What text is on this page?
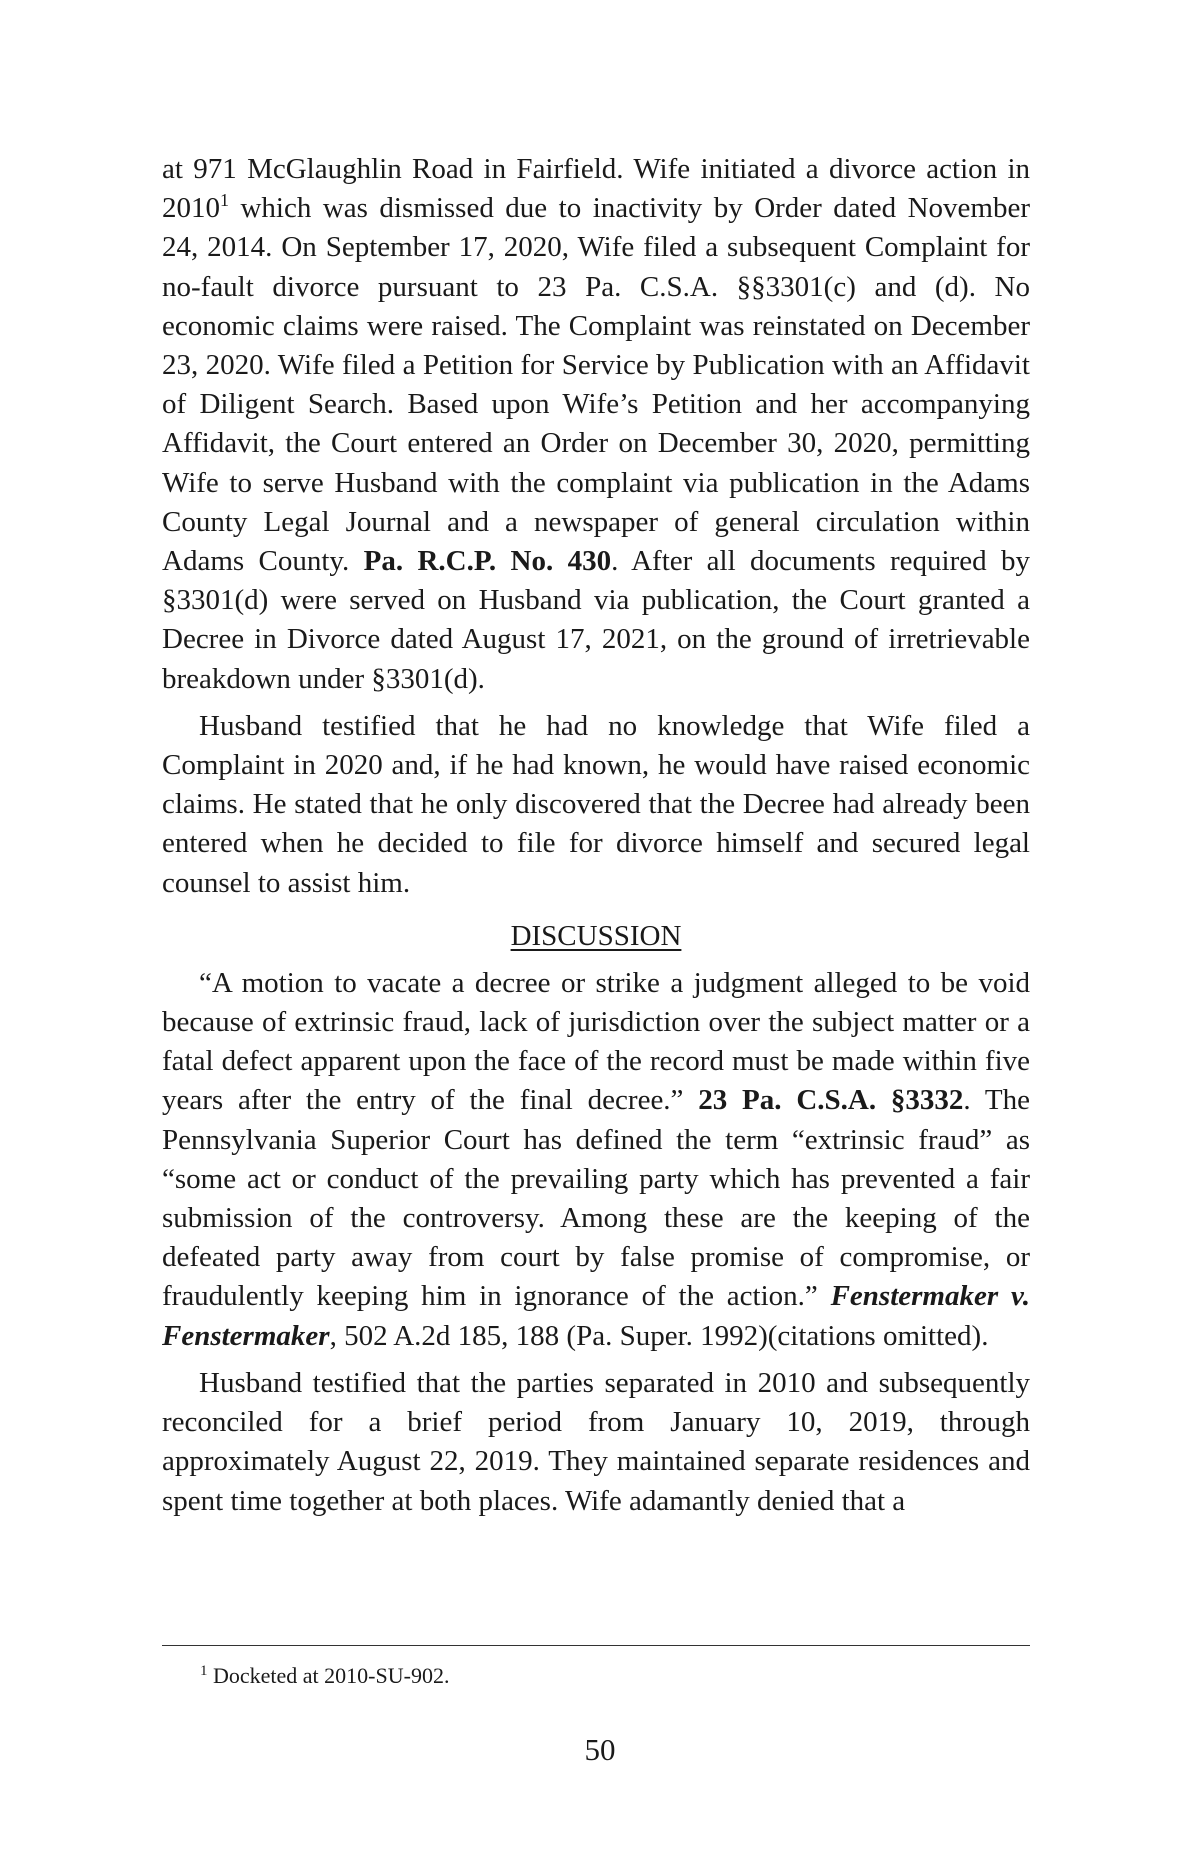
at 971 McGlaughlin Road in Fairfield. Wife initiated a divorce action in 2010$^1$ which was dismissed due to inactivity by Order dated November 24, 2014. On September 17, 2020, Wife filed a subsequent Complaint for no-fault divorce pursuant to 23 Pa. C.S.A. §§3301(c) and (d). No economic claims were raised. The Complaint was reinstated on December 23, 2020. Wife filed a Petition for Service by Publication with an Affidavit of Diligent Search. Based upon Wife’s Petition and her accompanying Affidavit, the Court entered an Order on December 30, 2020, permitting Wife to serve Husband with the complaint via publication in the Adams County Legal Journal and a newspaper of general circulation within Adams County. Pa. R.C.P. No. 430. After all documents required by §3301(d) were served on Husband via publication, the Court granted a Decree in Divorce dated August 17, 2021, on the ground of irretrievable breakdown under §3301(d).

Husband testified that he had no knowledge that Wife filed a Complaint in 2020 and, if he had known, he would have raised economic claims. He stated that he only discovered that the Decree had already been entered when he decided to file for divorce himself and secured legal counsel to assist him.

DISCUSSION

“A motion to vacate a decree or strike a judgment alleged to be void because of extrinsic fraud, lack of jurisdiction over the subject matter or a fatal defect apparent upon the face of the record must be made within five years after the entry of the final decree.” 23 Pa. C.S.A. §3332. The Pennsylvania Superior Court has defined the term “extrinsic fraud” as “some act or conduct of the prevailing party which has prevented a fair submission of the controversy. Among these are the keeping of the defeated party away from court by false promise of compromise, or fraudulently keeping him in ignorance of the action.” Fenstermaker v. Fenstermaker, 502 A.2d 185, 188 (Pa. Super. 1992)(citations omitted).

Husband testified that the parties separated in 2010 and subsequently reconciled for a brief period from January 10, 2019, through approximately August 22, 2019. They maintained separate residences and spent time together at both places. Wife adamantly denied that a

$^1$ Docketed at 2010-SU-902.

50
